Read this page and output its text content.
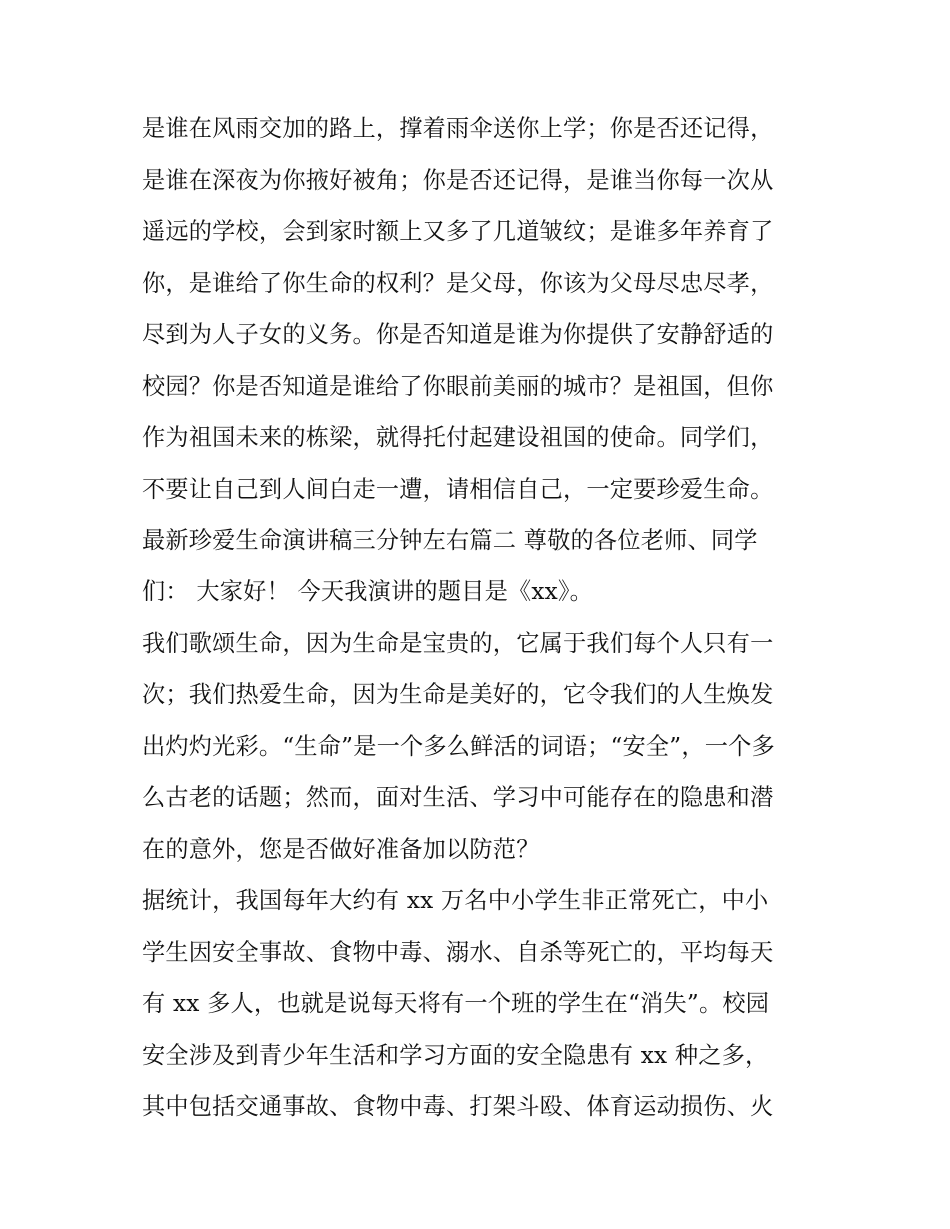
是谁在风雨交加的路上，撑着雨伞送你上学；你是否还记得，

是谁在深夜为你掖好被角；你是否还记得，是谁当你每一次从

遥远的学校，会到家时额上又多了几道皱纹；是谁多年养育了

你，是谁给了你生命的权利？是父母，你该为父母尽忠尽孝，

尽到为人子女的义务。你是否知道是谁为你提供了安静舒适的

校园？你是否知道是谁给了你眼前美丽的城市？是祖国，但你

作为祖国未来的栋梁，就得托付起建设祖国的使命。同学们，

不要让自己到人间白走一遭，请相信自己，一定要珍爱生命。

最新珍爱生命演讲稿三分钟左右篇二 尊敬的各位老师、同学

们： 大家好！ 今天我演讲的题目是《xx》。

我们歌颂生命，因为生命是宝贵的，它属于我们每个人只有一

次；我们热爱生命，因为生命是美好的，它令我们的人生焕发

出灼灼光彩。“生命”是一个多么鲜活的词语；“安全”，一个多

么古老的话题；然而，面对生活、学习中可能存在的隐患和潜

在的意外，您是否做好准备加以防范？

据统计，我国每年大约有 xx 万名中小学生非正常死亡，中小

学生因安全事故、食物中毒、溺水、自杀等死亡的，平均每天

有 xx 多人，也就是说每天将有一个班的学生在“消失”。校园

安全涉及到青少年生活和学习方面的安全隐患有 xx 种之多，

其中包括交通事故、食物中毒、打架斗殴、体育运动损伤、火
